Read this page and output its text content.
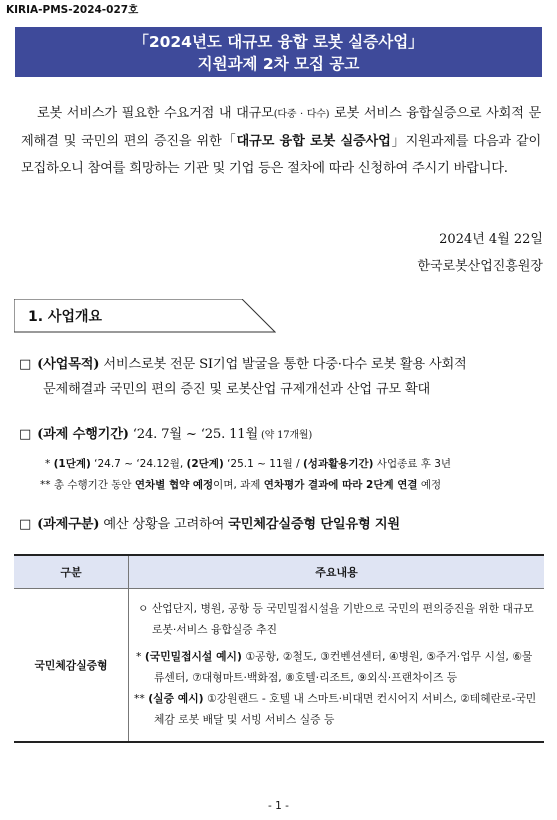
KIRIA-PMS-2024-027호
「2024년도 대규모 융합 로봇 실증사업」
지원과제 2차 모집 공고
로봇 서비스가 필요한 수요거점 내 대규모(다중 · 다수) 로봇 서비스 융합실증으로 사회적 문제해결 및 국민의 편의 증진을 위한「대규모 융합 로봇 실증사업」지원과제를 다음과 같이 모집하오니 참여를 희망하는 기관 및 기업 등은 절차에 따라 신청하여 주시기 바랍니다.
2024년 4월 22일
한국로봇산업진흥원장
1. 사업개요
□ (사업목적) 서비스로봇 전문 SI기업 발굴을 통한 다중·다수 로봇 활용 사회적
문제해결과 국민의 편의 증진 및 로봇산업 규제개선과 산업 규모 확대
□ (과제 수행기간) ‘24. 7월 ~ ‘25. 11월 (약 17개월)
* (1단계) ‘24.7 ~ ‘24.12월, (2단계) ‘25.1 ~ 11월 / (성과활용기간) 사업종료 후 3년
** 총 수행기간 동안 연차별 협약 예정이며, 과제 연차평가 결과에 따라 2단계 연결 예정
□ (과제구분) 예산 상황을 고려하여 국민체감실증형 단일유형 지원
구분	주요내용
국민체감실증형	ㅇ 산업단지, 병원, 공항 등 국민밀접시설을 기반으로 국민의 편의증진을 위한 대규모 로봇·서비스 융합실증 추진
* (국민밀접시설 예시) ①공항, ②철도, ③컨벤션센터, ④병원, ⑤주거·업무 시설, ⑥물류센터, ⑦대형마트·백화점, ⑧호텔·리조트, ⑨외식·프랜차이즈 등
** (실증 예시) ①강원랜드 - 호텔 내 스마트·비대면 컨시어지 서비스, ②테헤란로-국민체감 로봇 배달 및 서빙 서비스 실증 등
- 1 -
